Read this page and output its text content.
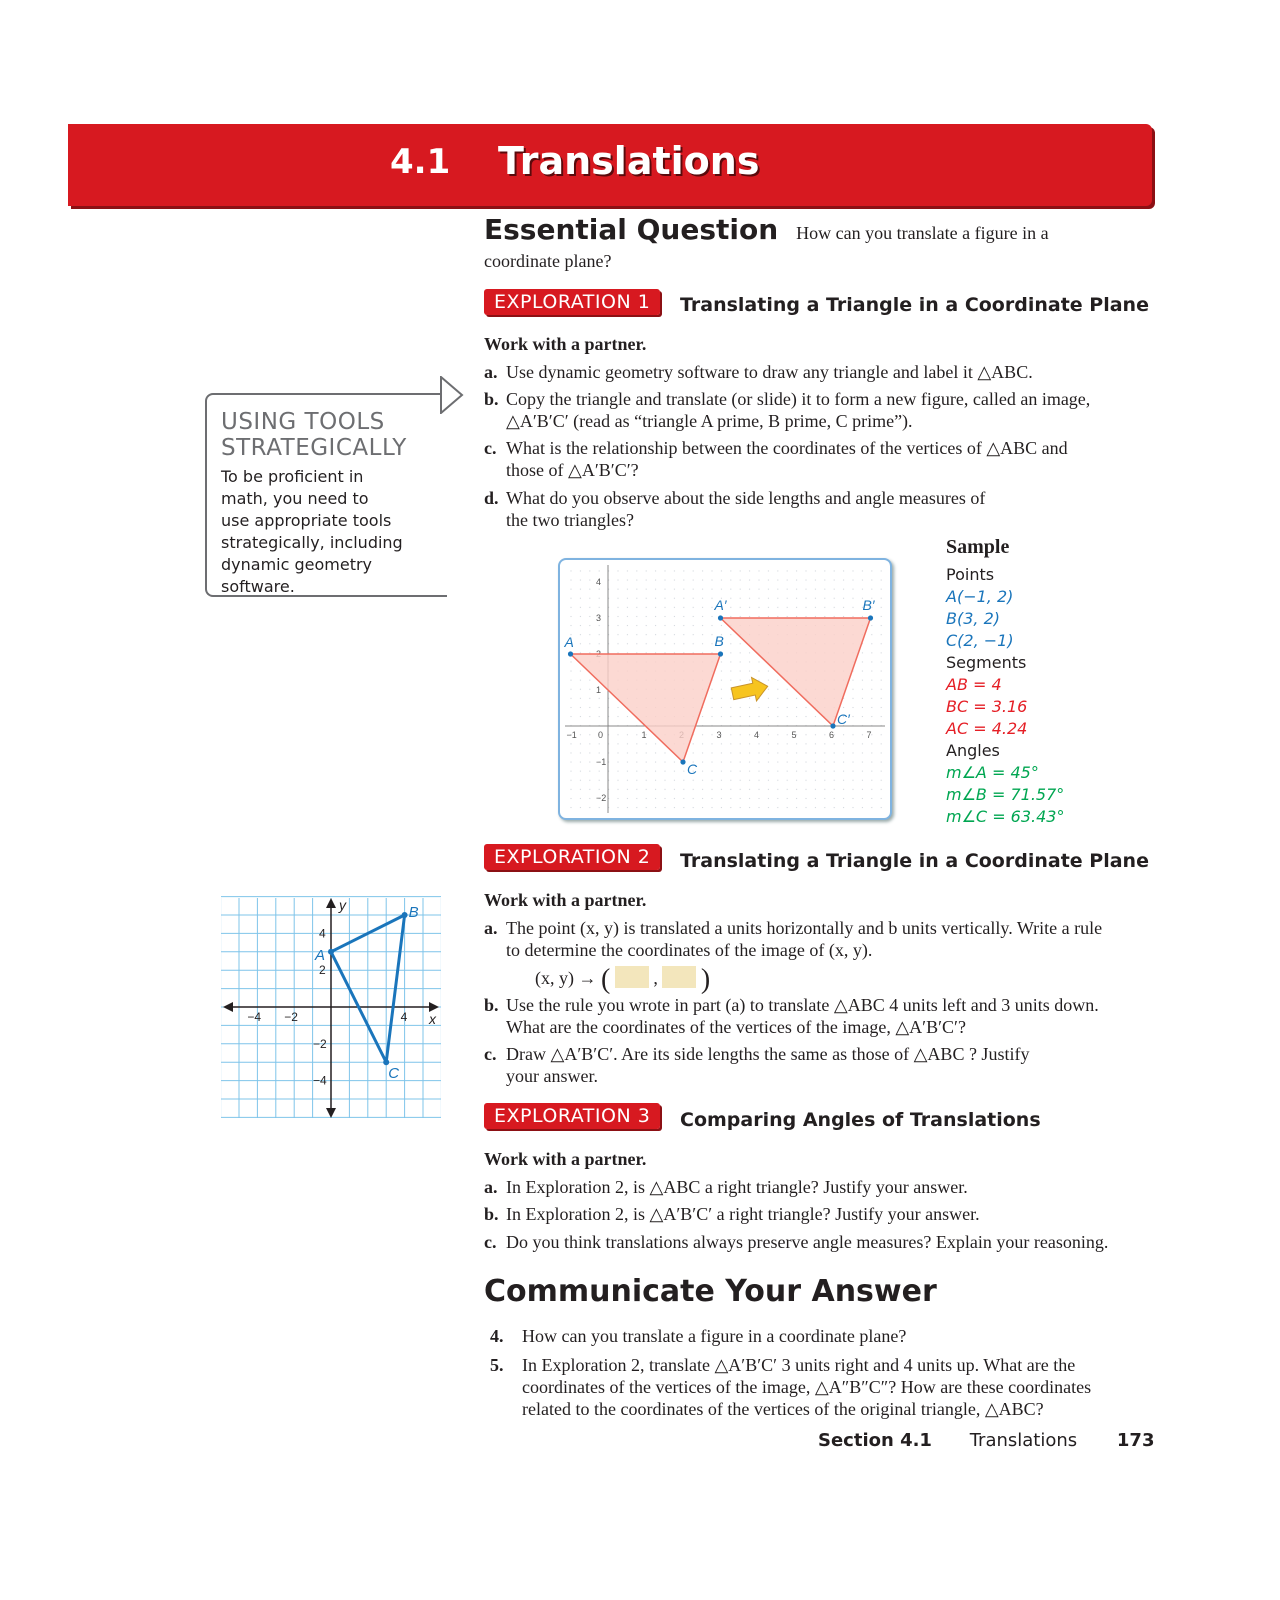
4.1 Translations
Essential Question How can you translate a figure in a
coordinate plane?
EXPLORATION 1	Translating a Triangle in a Coordinate Plane
Work with a partner.
a. Use dynamic geometry software to draw any triangle and label it △ABC.
b. Copy the triangle and translate (or slide) it to form a new figure, called an image,
△A′B′C′ (read as “triangle A prime, B prime, C prime”).
c. What is the relationship between the coordinates of the vertices of △ABC and
those of △A′B′C′?
d. What do you observe about the side lengths and angle measures of
the two triangles?
USING TOOLS
STRATEGICALLY
To be proficient in
math, you need to
use appropriate tools
strategically, including
dynamic geometry
software.
−1 0	1	3	4	5	6	7
4
3
1
−1
−2
A	B
C
A′	B′
C′
Sample
Points
A(−1, 2)
B(3, 2)
C(2, −1)
Segments
AB = 4
BC = 3.16
AC = 4.24
Angles
m∠A = 45°
m∠B = 71.57°
m∠C = 63.43°
EXPLORATION 2	Translating a Triangle in a Coordinate Plane
Work with a partner.
a. The point (x, y) is translated a units horizontally and b units vertically. Write a rule
to determine the coordinates of the image of (x, y).
(x, y) → ( , )
b. Use the rule you wrote in part (a) to translate △ABC 4 units left and 3 units down.
What are the coordinates of the vertices of the image, △A′B′C′?
c. Draw △A′B′C′. Are its side lengths the same as those of △ABC ? Justify
your answer.
−4 −2	4
4
2
−2
−4
y
x
A
B
C
EXPLORATION 3	Comparing Angles of Translations
Work with a partner.
a. In Exploration 2, is △ABC a right triangle? Justify your answer.
b. In Exploration 2, is △A′B′C′ a right triangle? Justify your answer.
c. Do you think translations always preserve angle measures? Explain your reasoning.
Communicate Your Answer
4. How can you translate a figure in a coordinate plane?
5. In Exploration 2, translate △A′B′C′ 3 units right and 4 units up. What are the
coordinates of the vertices of the image, △A″B″C″? How are these coordinates
related to the coordinates of the vertices of the original triangle, △ABC?
Section 4.1 Translations 173
